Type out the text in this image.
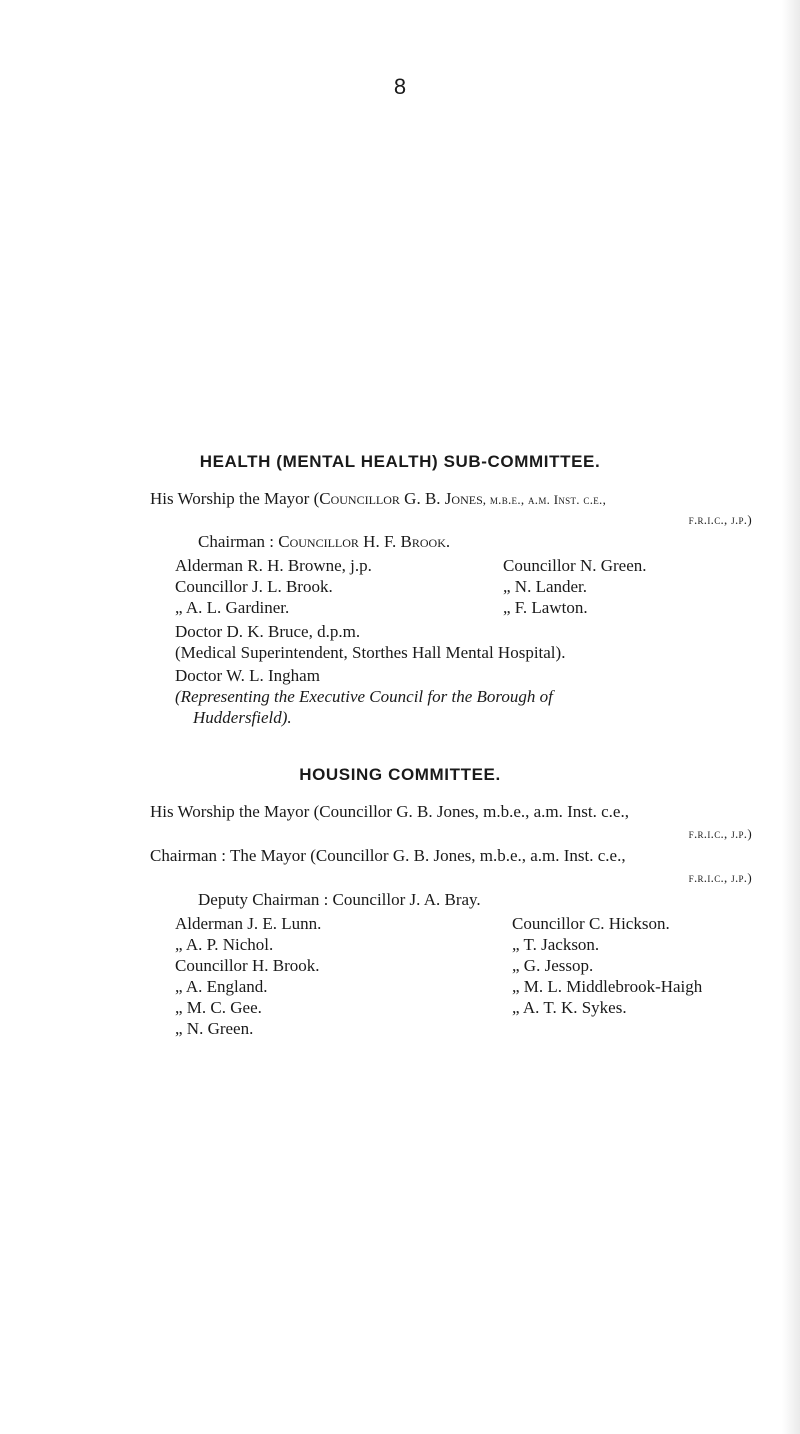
8
HEALTH (MENTAL HEALTH) SUB-COMMITTEE.
His Worship the Mayor (Councillor G. B. Jones, m.b.e., a.m. Inst. c.e.,
f.r.i.c., j.p.)
Chairman : Councillor H. F. Brook.
Alderman R. H. Browne, j.p.
Councillor J. L. Brook.
„ A. L. Gardiner.
Councillor N. Green.
„ N. Lander.
„ F. Lawton.
Doctor D. K. Bruce, d.p.m.
(Medical Superintendent, Storthes Hall Mental Hospital).
Doctor W. L. Ingham
(Representing the Executive Council for the Borough of
Huddersfield).
HOUSING COMMITTEE.
His Worship the Mayor (Councillor G. B. Jones, m.b.e., a.m. Inst. c.e.,
f.r.i.c., j.p.)
Chairman : The Mayor (Councillor G. B. Jones, m.b.e., a.m. Inst. c.e.,
f.r.i.c., j.p.)
Deputy Chairman : Councillor J. A. Bray.
Alderman J. E. Lunn.
„ A. P. Nichol.
Councillor H. Brook.
„ A. England.
„ M. C. Gee.
„ N. Green.
Councillor C. Hickson.
„ T. Jackson.
„ G. Jessop.
„ M. L. Middlebrook-Haigh
„ A. T. K. Sykes.
